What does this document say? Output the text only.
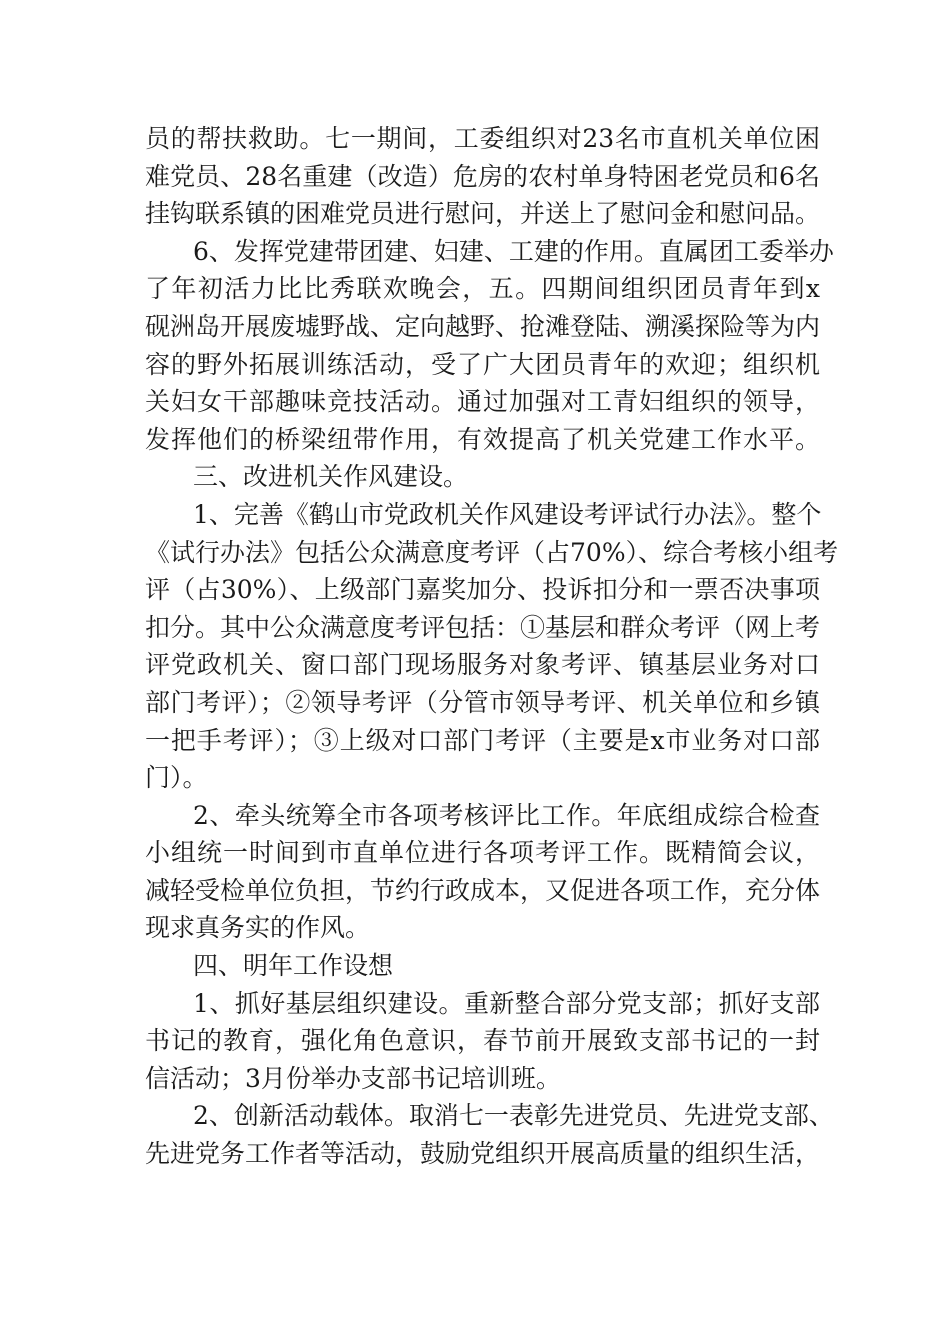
员的帮扶救助。七一期间，工委组织对23名市直机关单位困
难党员、28名重建（改造）危房的农村单身特困老党员和6名
挂钩联系镇的困难党员进行慰问，并送上了慰问金和慰问品。
6、发挥党建带团建、妇建、工建的作用。直属团工委举办
了年初活力比比秀联欢晚会，五。四期间组织团员青年到x
砚洲岛开展废墟野战、定向越野、抢滩登陆、溯溪探险等为内
容的野外拓展训练活动，受了广大团员青年的欢迎；组织机
关妇女干部趣味竞技活动。通过加强对工青妇组织的领导，
发挥他们的桥梁纽带作用，有效提高了机关党建工作水平。
三、改进机关作风建设。
1、完善《鹤山市党政机关作风建设考评试行办法》。整个
《试行办法》包括公众满意度考评（占70%）、综合考核小组考
评（占30%）、上级部门嘉奖加分、投诉扣分和一票否决事项
扣分。其中公众满意度考评包括：①基层和群众考评（网上考
评党政机关、窗口部门现场服务对象考评、镇基层业务对口
部门考评）；②领导考评（分管市领导考评、机关单位和乡镇
一把手考评）；③上级对口部门考评（主要是x市业务对口部
门）。
2、牵头统筹全市各项考核评比工作。年底组成综合检查
小组统一时间到市直单位进行各项考评工作。既精简会议，
减轻受检单位负担，节约行政成本，又促进各项工作，充分体
现求真务实的作风。
四、明年工作设想
1、抓好基层组织建设。重新整合部分党支部；抓好支部
书记的教育，强化角色意识，春节前开展致支部书记的一封
信活动；3月份举办支部书记培训班。
2、创新活动载体。取消七一表彰先进党员、先进党支部、
先进党务工作者等活动，鼓励党组织开展高质量的组织生活，
